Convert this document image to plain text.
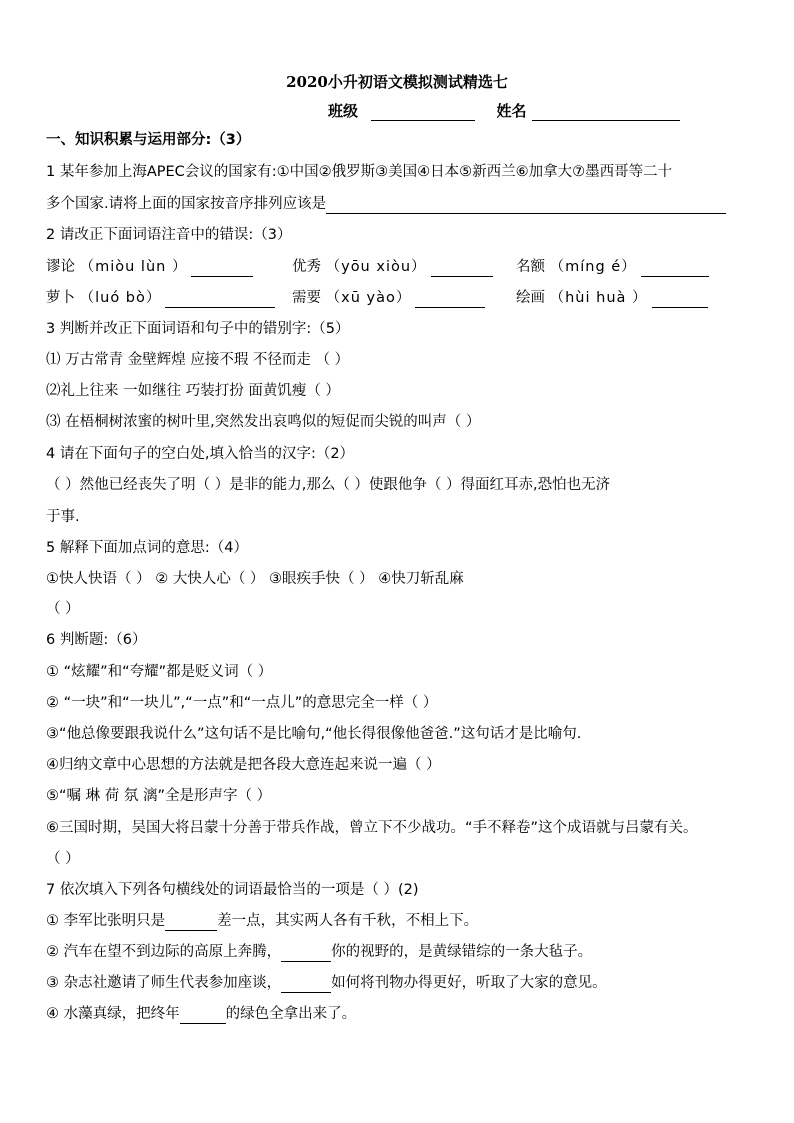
2020小升初语文模拟测试精选七
班级	姓名
一、知识积累与运用部分:（3）
1 某年参加上海APEC会议的国家有:①中国②俄罗斯③美国④日本⑤新西兰⑥加拿大⑦墨西哥等二十
多个国家.请将上面的国家按音序排列应该是
2 请改正下面词语注音中的错误:（3）
谬论 （miòu lùn ）	优秀 （yōu xiòu）	名额 （míng é）
萝卜 （luó bò）	需要 （xū yào）	绘画 （hùi huà ）
3 判断并改正下面词语和句子中的错别字:（5）
⑴ 万古常青 金壁辉煌 应接不瑕 不径而走 （ ）
⑵礼上往来 一如继往 巧装打扮 面黄饥瘦（ ）
⑶ 在梧桐树浓蜜的树叶里,突然发出哀鸣似的短促而尖锐的叫声（ ）
4 请在下面句子的空白处,填入恰当的汉字:（2）
（ ）然他已经丧失了明（ ）是非的能力,那么（ ）使跟他争（ ）得面红耳赤,恐怕也无济
于事.
5 解释下面加点词的意思:（4）
①快人快语（ ） ② 大快人心（ ） ③眼疾手快（ ） ④快刀斩乱麻
（ ）
6 判断题:（6）
① “炫耀”和“夸耀”都是贬义词（ ）
② “一块”和“一块儿”,“一点”和“一点儿”的意思完全一样（ ）
③“他总像要跟我说什么”这句话不是比喻句,“他长得很像他爸爸.”这句话才是比喻句.
④归纳文章中心思想的方法就是把各段大意连起来说一遍（ ）
⑤“嘱 琳 荷 氛 漓”全是形声字（ ）
⑥三国时期，吴国大将吕蒙十分善于带兵作战，曾立下不少战功。“手不释卷”这个成语就与吕蒙有关。
（ ）
7 依次填入下列各句横线处的词语最恰当的一项是（ ）(2)
① 李军比张明只是	差一点，其实两人各有千秋，不相上下。
② 汽车在望不到边际的高原上奔腾，	你的视野的，是黄绿错综的一条大毡子。
③ 杂志社邀请了师生代表参加座谈，	如何将刊物办得更好，听取了大家的意见。
④ 水藻真绿，把终年	的绿色全拿出来了。
